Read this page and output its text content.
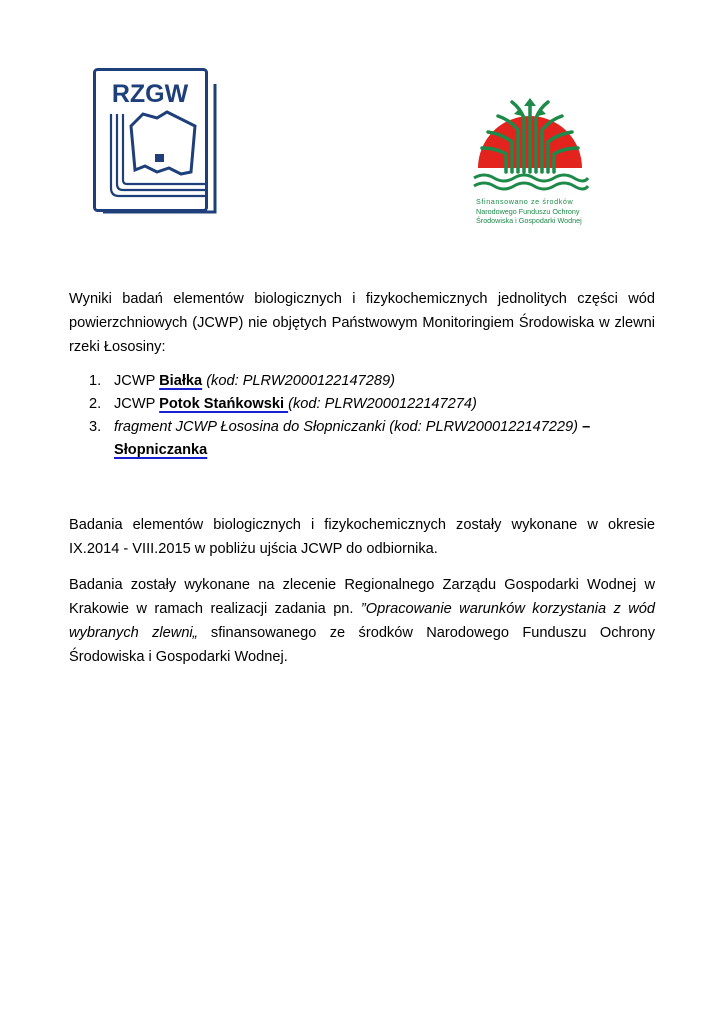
RZGW
Sfinansowano ze środków
Narodowego Funduszu Ochrony
Środowiska i Gospodarki Wodnej
Wyniki badań elementów biologicznych i fizykochemicznych jednolitych części wód powierzchniowych (JCWP) nie objętych Państwowym Monitoringiem Środowiska w zlewni rzeki Łososiny:
1. JCWP Białka (kod: PLRW2000122147289)
2. JCWP Potok Stańkowski (kod: PLRW2000122147274)
3. fragment JCWP Łososina do Słopniczanki (kod: PLRW2000122147229) –
Słopniczanka
Badania elementów biologicznych i fizykochemicznych zostały wykonane w okresie IX.2014 - VIII.2015 w pobliżu ujścia JCWP do odbiornika.
Badania zostały wykonane na zlecenie Regionalnego Zarządu Gospodarki Wodnej w Krakowie w ramach realizacji zadania pn. ”Opracowanie warunków korzystania z wód wybranych zlewni„ sfinansowanego ze środków Narodowego Funduszu Ochrony Środowiska i Gospodarki Wodnej.
